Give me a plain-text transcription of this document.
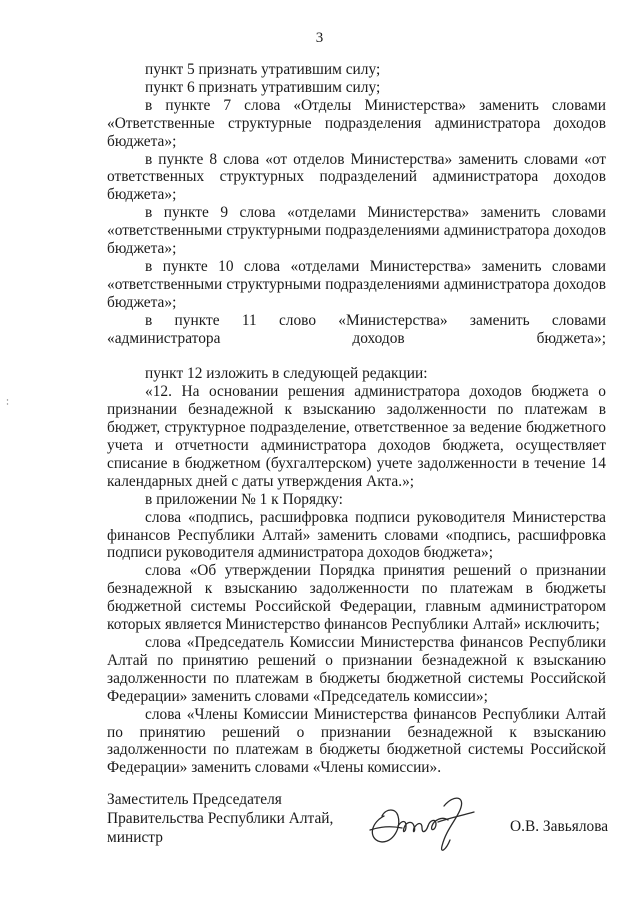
3

пункт 5 признать утратившим силу;

пункт 6 признать утратившим силу;

в пункте 7 слова «Отделы Министерства» заменить словами «Ответственные структурные подразделения администратора доходов бюджета»;

в пункте 8 слова «от отделов Министерства» заменить словами «от ответственных структурных подразделений администратора доходов бюджета»;

в пункте 9 слова «отделами Министерства» заменить словами «ответственными структурными подразделениями администратора доходов бюджета»;

в пункте 10 слова «отделами Министерства» заменить словами «ответственными структурными подразделениями администратора доходов бюджета»;

в пункте 11 слово «Министерства» заменить словами «администратора доходов бюджета»;

пункт 12 изложить в следующей редакции:

«12. На основании решения администратора доходов бюджета о признании безнадежной к взысканию задолженности по платежам в бюджет, структурное подразделение, ответственное за ведение бюджетного учета и отчетности администратора доходов бюджета, осуществляет списание в бюджетном (бухгалтерском) учете задолженности в течение 14 календарных дней с даты утверждения Акта.»;

в приложении № 1 к Порядку:

слова «подпись, расшифровка подписи руководителя Министерства финансов Республики Алтай» заменить словами «подпись, расшифровка подписи руководителя администратора доходов бюджета»;

слова «Об утверждении Порядка принятия решений о признании безнадежной к взысканию задолженности по платежам в бюджеты бюджетной системы Российской Федерации, главным администратором которых является Министерство финансов Республики Алтай» исключить;

слова «Председатель Комиссии Министерства финансов Республики Алтай по принятию решений о признании безнадежной к взысканию задолженности по платежам в бюджеты бюджетной системы Российской Федерации» заменить словами «Председатель комиссии»;

слова «Члены Комиссии Министерства финансов Республики Алтай по принятию решений о признании безнадежной к взысканию задолженности по платежам в бюджеты бюджетной системы Российской Федерации» заменить словами «Члены комиссии».

Заместитель Председателя
Правительства Республики Алтай,
министр
О.В. Завьялова
